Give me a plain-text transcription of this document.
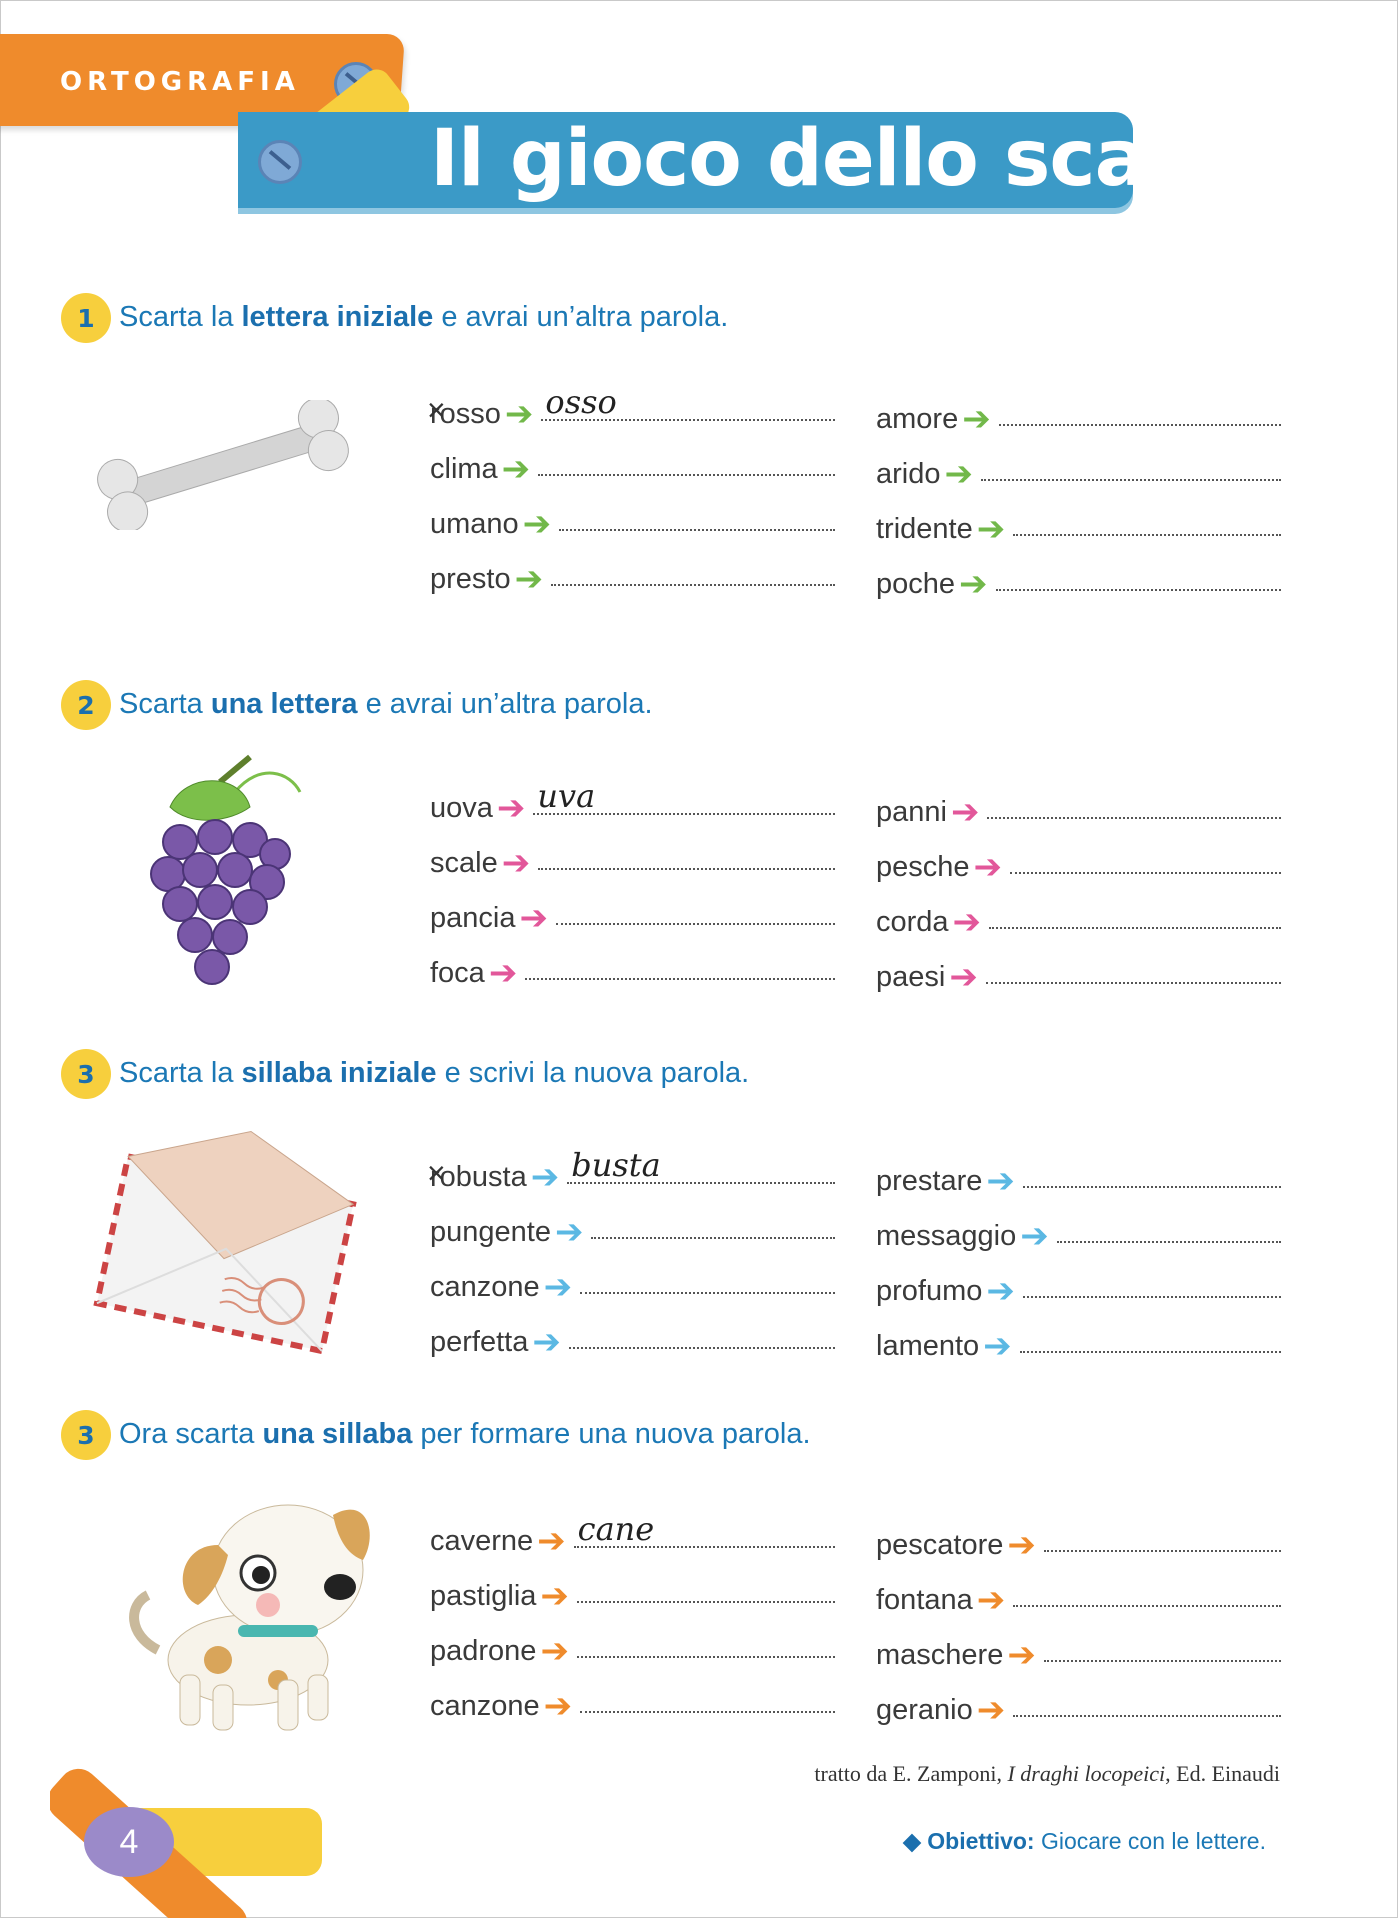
ORTOGRAFIA
Il gioco dello scarto
1 Scarta la lettera iniziale e avrai un’altra parola.
rosso × ➔ osso
clima ➔
umano ➔
presto ➔
amore ➔
arido ➔
tridente ➔
poche ➔
2 Scarta una lettera e avrai un’altra parola.
uova ➔ uva
scale ➔
pancia ➔
foca ➔
panni ➔
pesche ➔
corda ➔
paesi ➔
3 Scarta la sillaba iniziale e scrivi la nuova parola.
robusta × ➔ busta
pungente ➔
canzone ➔
perfetta ➔
prestare ➔
messaggio ➔
profumo ➔
lamento ➔
3 Ora scarta una sillaba per formare una nuova parola.
caverne ➔ cane
pastiglia ➔
padrone ➔
canzone ➔
pescatore ➔
fontana ➔
maschere ➔
geranio ➔
tratto da E. Zamponi, I draghi locopeici, Ed. Einaudi
4	◆ Obiettivo: Giocare con le lettere.
